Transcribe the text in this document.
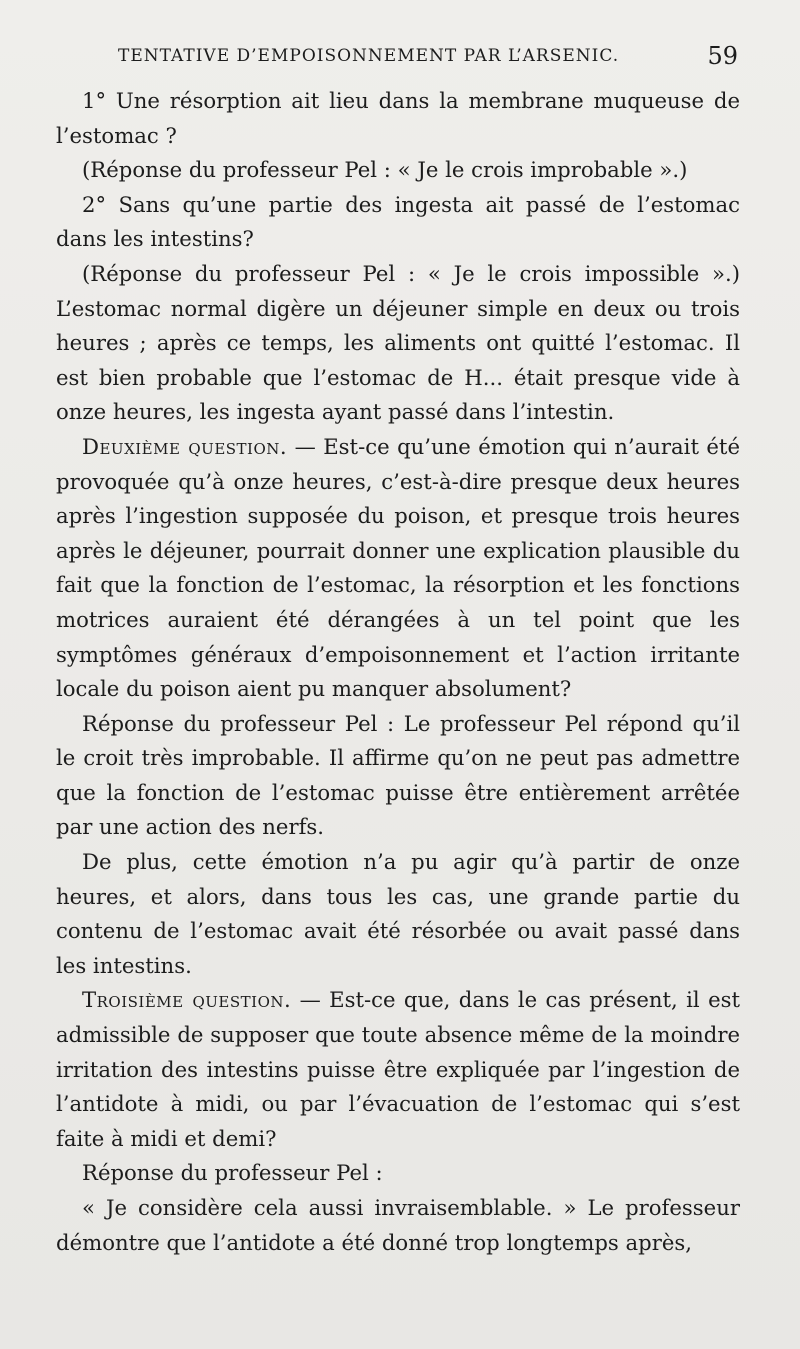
TENTATIVE D’EMPOISONNEMENT PAR L’ARSENIC.	59

1° Une résorption ait lieu dans la membrane muqueuse de l’estomac ?

(Réponse du professeur Pel : « Je le crois improbable ».)

2° Sans qu’une partie des ingesta ait passé de l’estomac dans les intestins?

(Réponse du professeur Pel : « Je le crois impossible ».) L’estomac normal digère un déjeuner simple en deux ou trois heures ; après ce temps, les aliments ont quitté l’estomac. Il est bien probable que l’estomac de H... était presque vide à onze heures, les ingesta ayant passé dans l’intestin.

Deuxième question. — Est-ce qu’une émotion qui n’aurait été provoquée qu’à onze heures, c’est-à-dire presque deux heures après l’ingestion supposée du poison, et presque trois heures après le déjeuner, pourrait donner une explication plausible du fait que la fonction de l’estomac, la résorption et les fonctions motrices auraient été dérangées à un tel point que les symptômes généraux d’empoisonnement et l’action irritante locale du poison aient pu manquer absolument?

Réponse du professeur Pel : Le professeur Pel répond qu’il le croit très improbable. Il affirme qu’on ne peut pas admettre que la fonction de l’estomac puisse être entièrement arrêtée par une action des nerfs.

De plus, cette émotion n’a pu agir qu’à partir de onze heures, et alors, dans tous les cas, une grande partie du contenu de l’estomac avait été résorbée ou avait passé dans les intestins.

Troisième question. — Est-ce que, dans le cas présent, il est admissible de supposer que toute absence même de la moindre irritation des intestins puisse être expliquée par l’ingestion de l’antidote à midi, ou par l’évacuation de l’estomac qui s’est faite à midi et demi?

Réponse du professeur Pel :

« Je considère cela aussi invraisemblable. » Le professeur démontre que l’antidote a été donné trop longtemps après,
